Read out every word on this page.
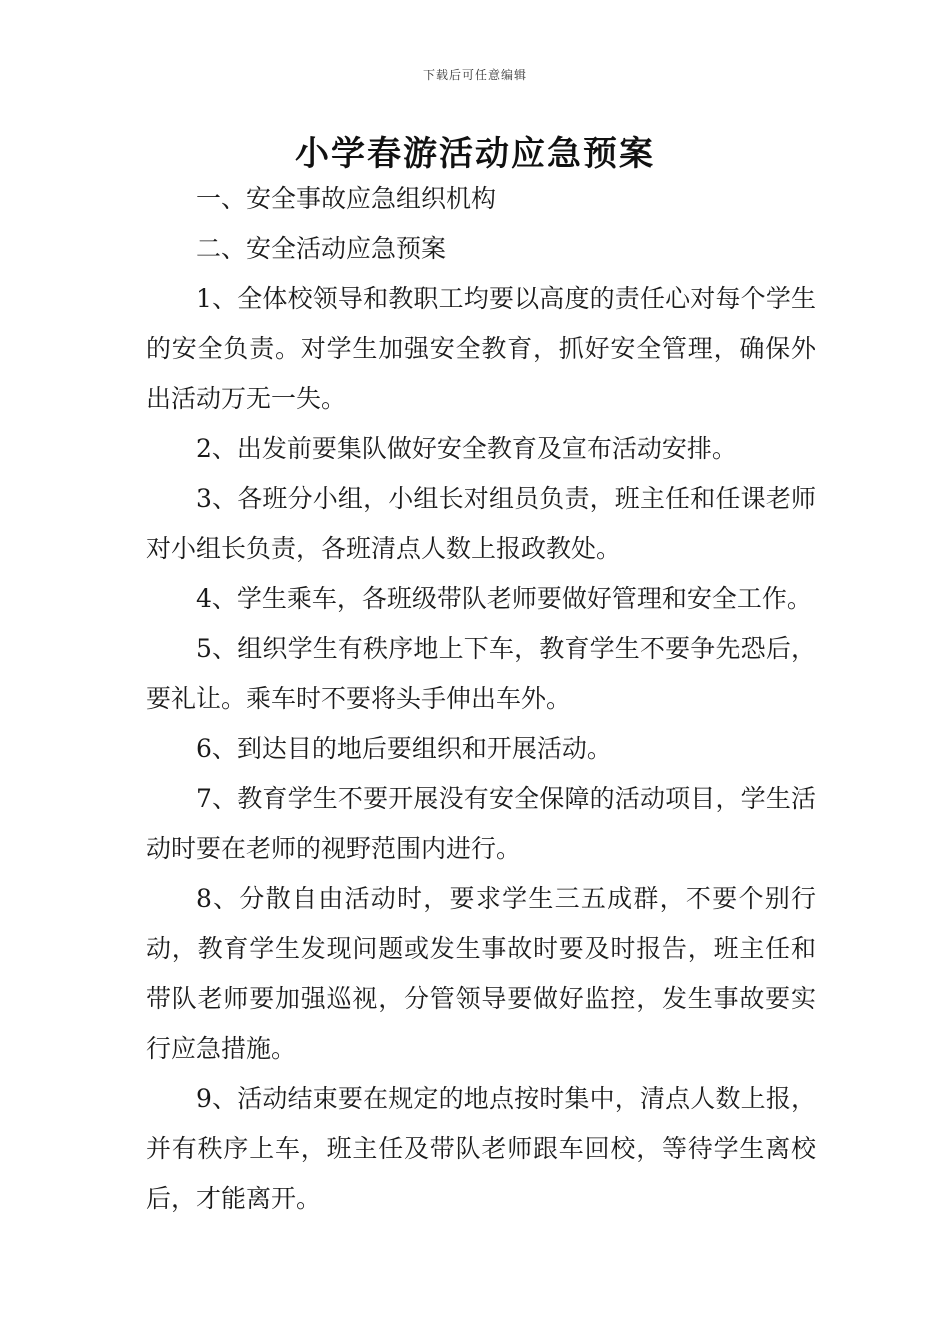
下载后可任意编辑
小学春游活动应急预案

一、安全事故应急组织机构

二、安全活动应急预案

1、全体校领导和教职工均要以高度的责任心对每个学生的安全负责。对学生加强安全教育，抓好安全管理，确保外出活动万无一失。

2、出发前要集队做好安全教育及宣布活动安排。

3、各班分小组，小组长对组员负责，班主任和任课老师对小组长负责，各班清点人数上报政教处。

4、学生乘车，各班级带队老师要做好管理和安全工作。

5、组织学生有秩序地上下车，教育学生不要争先恐后，要礼让。乘车时不要将头手伸出车外。

6、到达目的地后要组织和开展活动。

7、教育学生不要开展没有安全保障的活动项目，学生活动时要在老师的视野范围内进行。

8、分散自由活动时，要求学生三五成群，不要个别行动，教育学生发现问题或发生事故时要及时报告，班主任和带队老师要加强巡视，分管领导要做好监控，发生事故要实行应急措施。

9、活动结束要在规定的地点按时集中，清点人数上报，并有秩序上车，班主任及带队老师跟车回校，等待学生离校后，才能离开。
